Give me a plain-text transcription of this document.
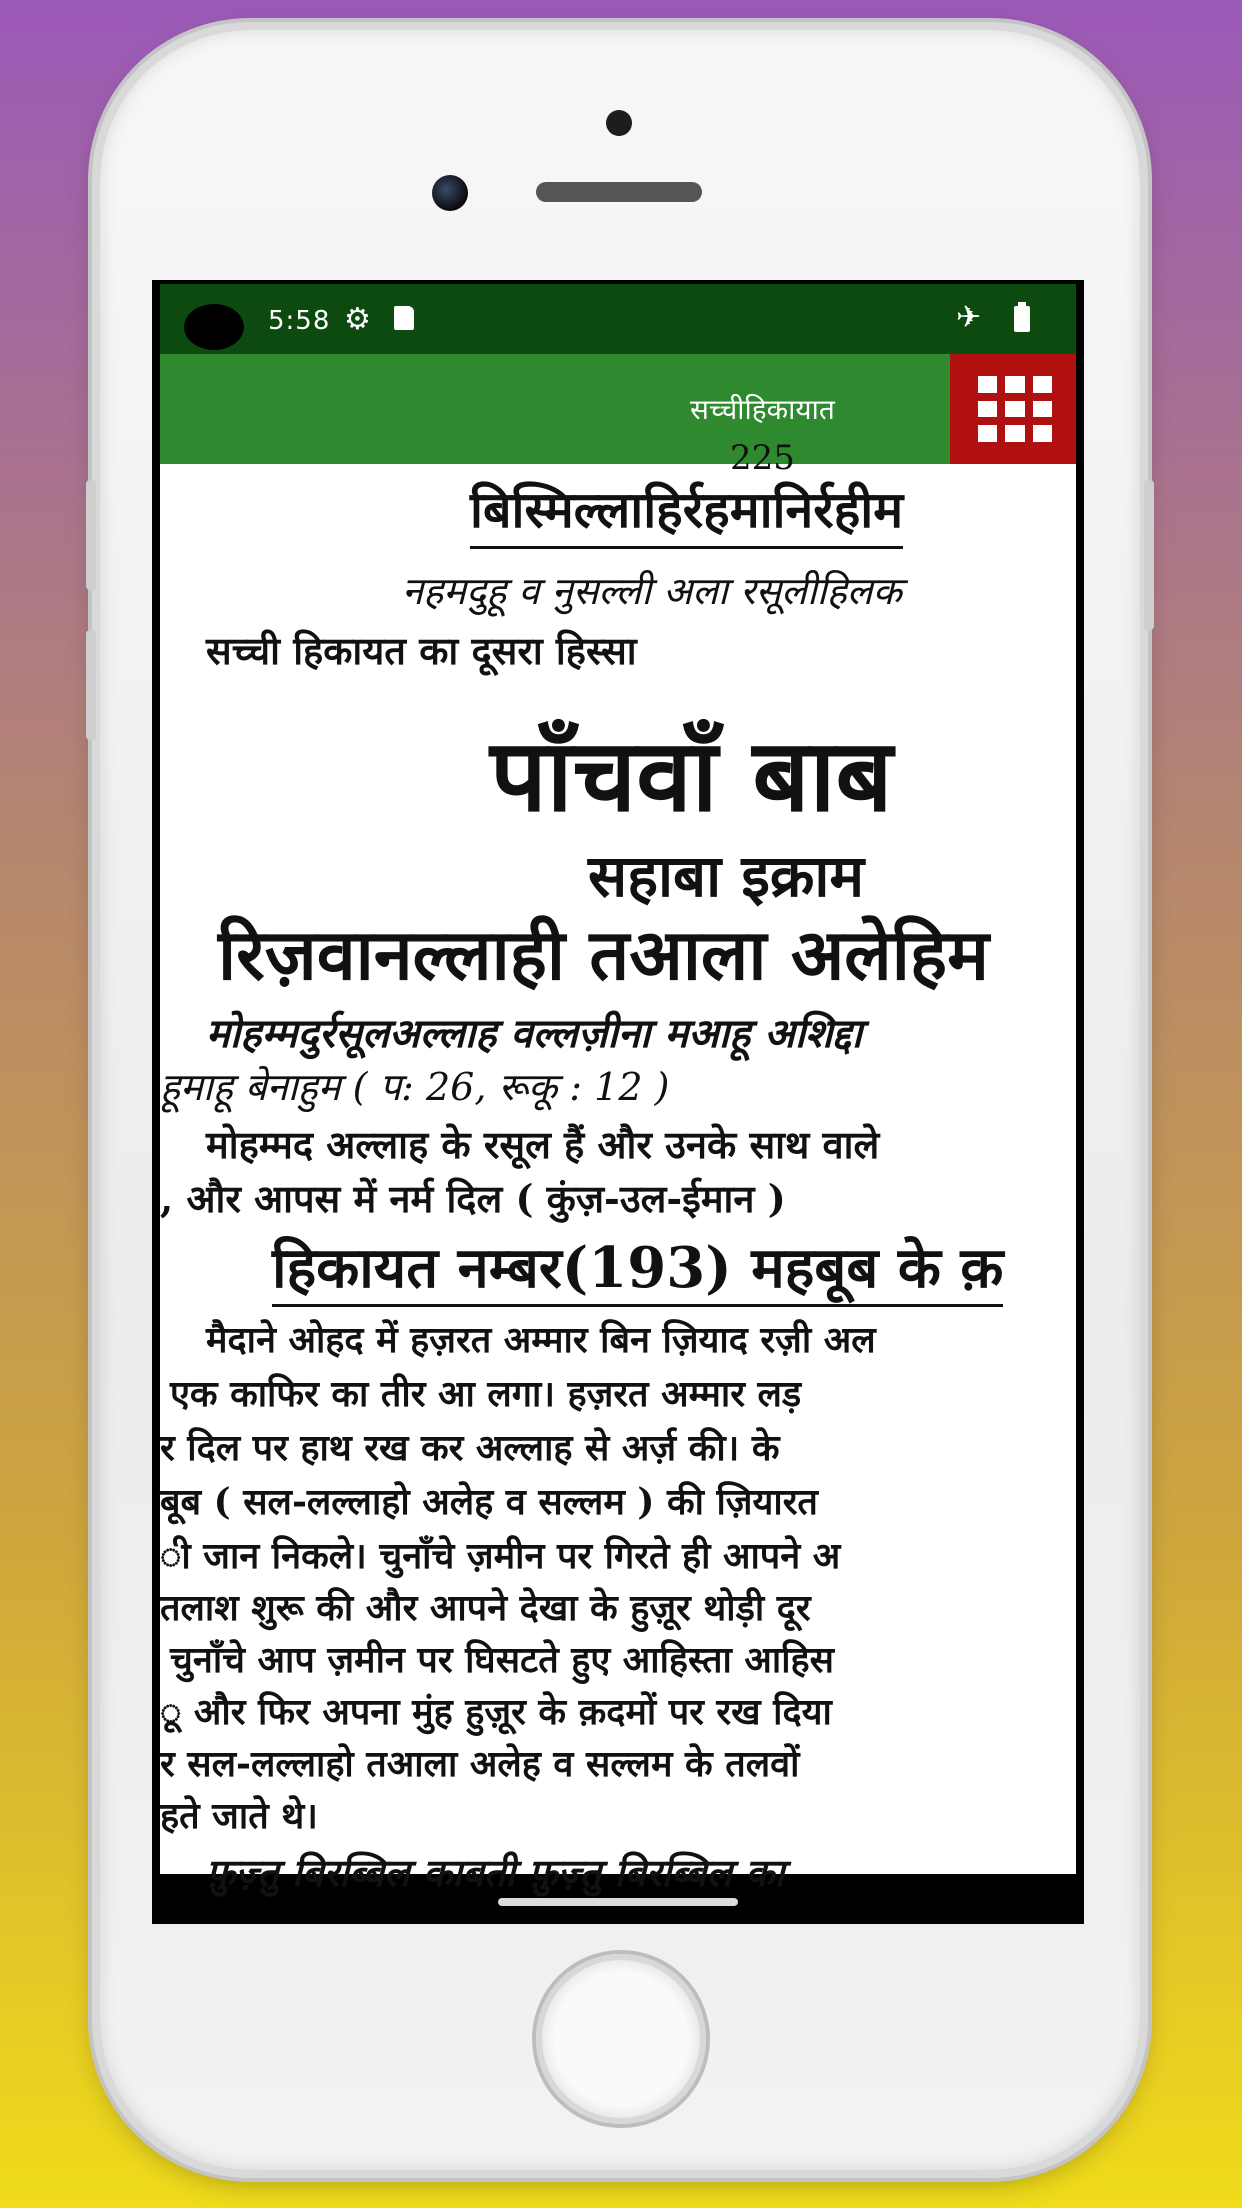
5:58 ⚙	✈
सच्चीहिकायात
225
बिस्मिल्लाहिर्रहमानिर्रहीम
नहमदुहू व नुसल्ली अला रसूलीहिलक
सच्ची हिकायत का दूसरा हिस्सा
पाँचवाँ बाब
सहाबा इक्राम
रिज़वानल्लाही तआला अलेहिम
मोहम्मदुर्रसूलअल्लाह वल्लज़ीना मआहू अशिद्दा
हूमाहू बेनाहुम ( प: 26, रूकू : 12 )
मोहम्मद अल्लाह के रसूल हैं और उनके साथ वाले
, और आपस में नर्म दिल ( कुंज़-उल-ईमान )
हिकायत नम्बर(193) महबूब के क़
मैदाने ओहद में हज़रत अम्मार बिन ज़ियाद रज़ी अल
एक काफिर का तीर आ लगा। हज़रत अम्मार लड़
र दिल पर हाथ रख कर अल्लाह से अर्ज़ की। के
बूब ( सल-लल्लाहो अलेह व सल्लम ) की ज़ियारत
ी जान निकले। चुनाँचे ज़मीन पर गिरते ही आपने अ
तलाश शुरू की और आपने देखा के हुज़ूर थोड़ी दूर
चुनाँचे आप ज़मीन पर घिसटते हुए आहिस्ता आहिस
ू और फिर अपना मुंह हुज़ूर के क़दमों पर रख दिया
र सल-लल्लाहो तआला अलेह व सल्लम के तलवों
हते जाते थे।
फ़ुज़्तु बिरब्बिल काबती फ़ुज़्तु बिरब्बिल का
